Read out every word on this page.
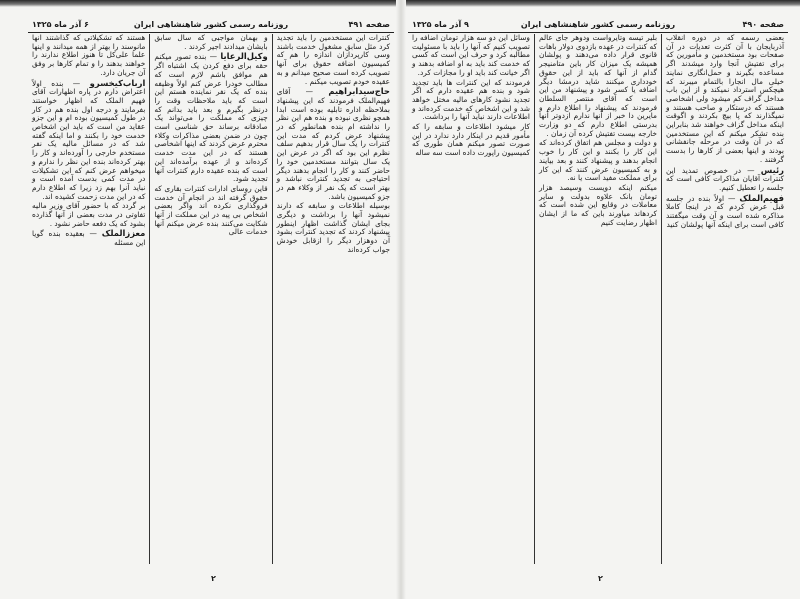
صفحه ۴۹۱
روزنامه رسمی کشور شاهنشاهی ایران
۶ آذر ماه ۱۳۲۵

کنترات این مستخدمین را باید تجدید کرد مثل سابق مشغول خدمت باشند وسی کارپردازان اندازه را هم که کمیسیون اضافه حقوق برای آنها تصویب کرده است صحیح میدانم و به عقیده خودم تصویب میکنم .

حاج‌سیدابراهیم — آقای فهیم‌الملک فرمودند که این پیشنهاد بملاحظه اداره تابلیه بوده است ابدا همچو نظری نبوده و بنده هم این نظر را نداشته ام بنده همانطور که در پیشنهاد عرض کردم که مدت این کنترات را یک سال قرار بدهیم سلف نظرم این بود که اگر در عرض این یک سال بتوانند مستخدمین خود را حاضر کنند و کار را انجام بدهند دیگر احتیاجی به تجدید کنترات نباشد و بهتر است که یک نفر از وکلاء هم در جزو کمیسیون باشد.

بوسیله اطلاعات و سابقه که دارند نمیشود آنها را برداشت و دیگری بجای ایشان گذاشت اظهار اینطور پیشنهاد کردند که تجدید کنترات بشود آن دوهزار دیگر را ازقابل خودش جواب کرده‌اند

و بهمان مواجبی که سال سابق بایشان میدادند اجیر کردند .

وکیل‌الرعایا — بنده تصور میکنم حقه برای دفع کردن یک اشتباه اگر هم موافق باشم لازم است که مطالب خودرا عرض کنم اولاً وظیفه بنده که یک نفر نماینده هستم این است که باید ملاحظات وقت را درنظر بگیرم و بعد باید بدانم که چیزی که مملکت را می‌تواند یک صادقانه برساند حق شناسی است چون در ضمن بعضی مذاکرات وکلاء محترم عرض کردند که اینها اشخاصی هستند که در این مدت خدمت کرده‌اند و از عهده برآمده‌اند این است که بنده عقیده دارم کنترات آنها تجدید شود.

قاین روسای ادارات کنترات بقاری که حقوق گرفته اند در انجام آن خدمت فروگذاری نکرده اند واگر بعضی اشخاص بی پیه در این مملکت از آنها شکایت می‌کنند بنده عرض میکنم آنها خدمات عالی

هستند که تشکیلاتی که گذاشتند آنها مانوسند را بهتر از همه میدانند و اینها علما علی‌کل تا هنوز اطلاع ندارند را خواهند بدهند را و تمام کارها بر وفق آن جریان دارد.

ارباب‌کیخسرو — بنده اولاً اعتراض دارم در پاره اظهارات آقای فهیم الملک که اظهار خواستند بفرمایند و درجه اول بنده هم در کار در طول کمیسیون بوده ام و این جزو عقاید من است که باید این اشخاص خدمت خود را بکنند و اما اینکه گفته شد که در مسائل مالیه یک نفر مستخدم خارجی را آورده‌اند و کار را بهتر کرده‌اند بنده این نظر را ندارم و میخواهم عرض کنم که این تشکیلات در مدت کمی بدست آمده است و نباید آنرا بهم زد زیرا که اطلاع دارم که در این مدت زحمت کشیده اند.

بر گردد که با حضور آقای وزیر مالیه تفاوتی در مدت بعضی از آنها گذارده بشود که یک دفعه حاضر نشود .

معززالملک — بعقیده بنده گویا این مسئله

۲
صفحه ۴۹۰
روزنامه رسمی کشور شاهنشاهی ایران
۹ آذر ماه ۱۳۲۵

بعضی رسمه که در دوره انقلاب آذربایجان با آن کثرت تعدیات در آن صفحات بود مستخدمین و مأمورین که برای تفتیش آنجا وارد میشدند اگر مساعده بگیرند و حمل‌انگاری نمایند خیلی مال انجارا بالتمام میبرند که هیچکس استرداد نمیکند و از این باب مداخل گراف کم میشود ولی اشخاصی هستند که درستکار و صاحب هستند و نمیگذارند که پا بیچ بکردند و اگوقت اینکه مداخل گزاف خواهند شد بنابراین بنده تشکر میکنم که این مستخدمین که در آن وقت در مرحله جانفشانی بودند و اینها بعضی از کارها را بدست گرفتند .

رئیس — در خصوص تمدید این کنترات آقایان مذاکرات کافی است که جلسه را تعطیل کنیم.

فهیم‌الملک — اولاً بنده در جلسه قبل عرض کردم که در اینجا کاملا مذاکره شده است و آن وقت میگفتند کافی است برای اینکه آنها پولشان کنید

بلیر تیسه وتایرواست ودوهر جای عالم که کنترات در عهده بازدوی دولار باهات قانوی قرار داده می‌دهند و پولشان همیشه یک میزان کار باین متامنیجر گدام از آنها که باید از این حقوق خودداری میکنند شاید درمشا دیگر اضافه یا کسر شود و پیشنهاد من این است که آقای منتصر السلطان فرمودند که پیشنهاد را اطلاع دارم و مایرین دا خبر از آنها ندارم ازدوتر آنها بدرستی اطلاع دارم که دو وزارت خارجه بیست تفتیش کرده آن زمان .

و دولت و مجلس هم اتفاق کرده‌اند که این کار را بکنند و این کار را خوب انجام بدهند و پیشنهاد کنند و بعد بیایند و به کمیسیون عرض کنند که این کار برای مملکت مفید است یا نه.

میکنم اینکه دویست وسیصد هزار تومان بانک علاوه بدولت و سایر معاملات در وقایع این شده است که کردهاند میاورند باین که ما از ایشان اظهار رضایت کنیم

وسائل این دو سه هزار تومان اضافه را تصویب کنیم که آنها را باید با مسئولیت مطالبه کرد و حرف این است که کسی که خدمت کند باید به او اضافه بدهند و اگر خیانت کند باید او را مجازات کرد.

فرمودند که این کنترات ها باید تجدید شود و بنده هم عقیده دارم که اگر تجدید نشود کارهای مالیه مختل خواهد شد و این اشخاص که خدمت کرده‌اند و اطلاعات دارند نباید آنها را برداشت.

کار میشود اطلاعات و سابقه را که مأمور قدیم در اینکار دارد ندارد در این صورت تصور میکنم همان طوری که کمیسیون راپورت داده است سه ساله

۲
